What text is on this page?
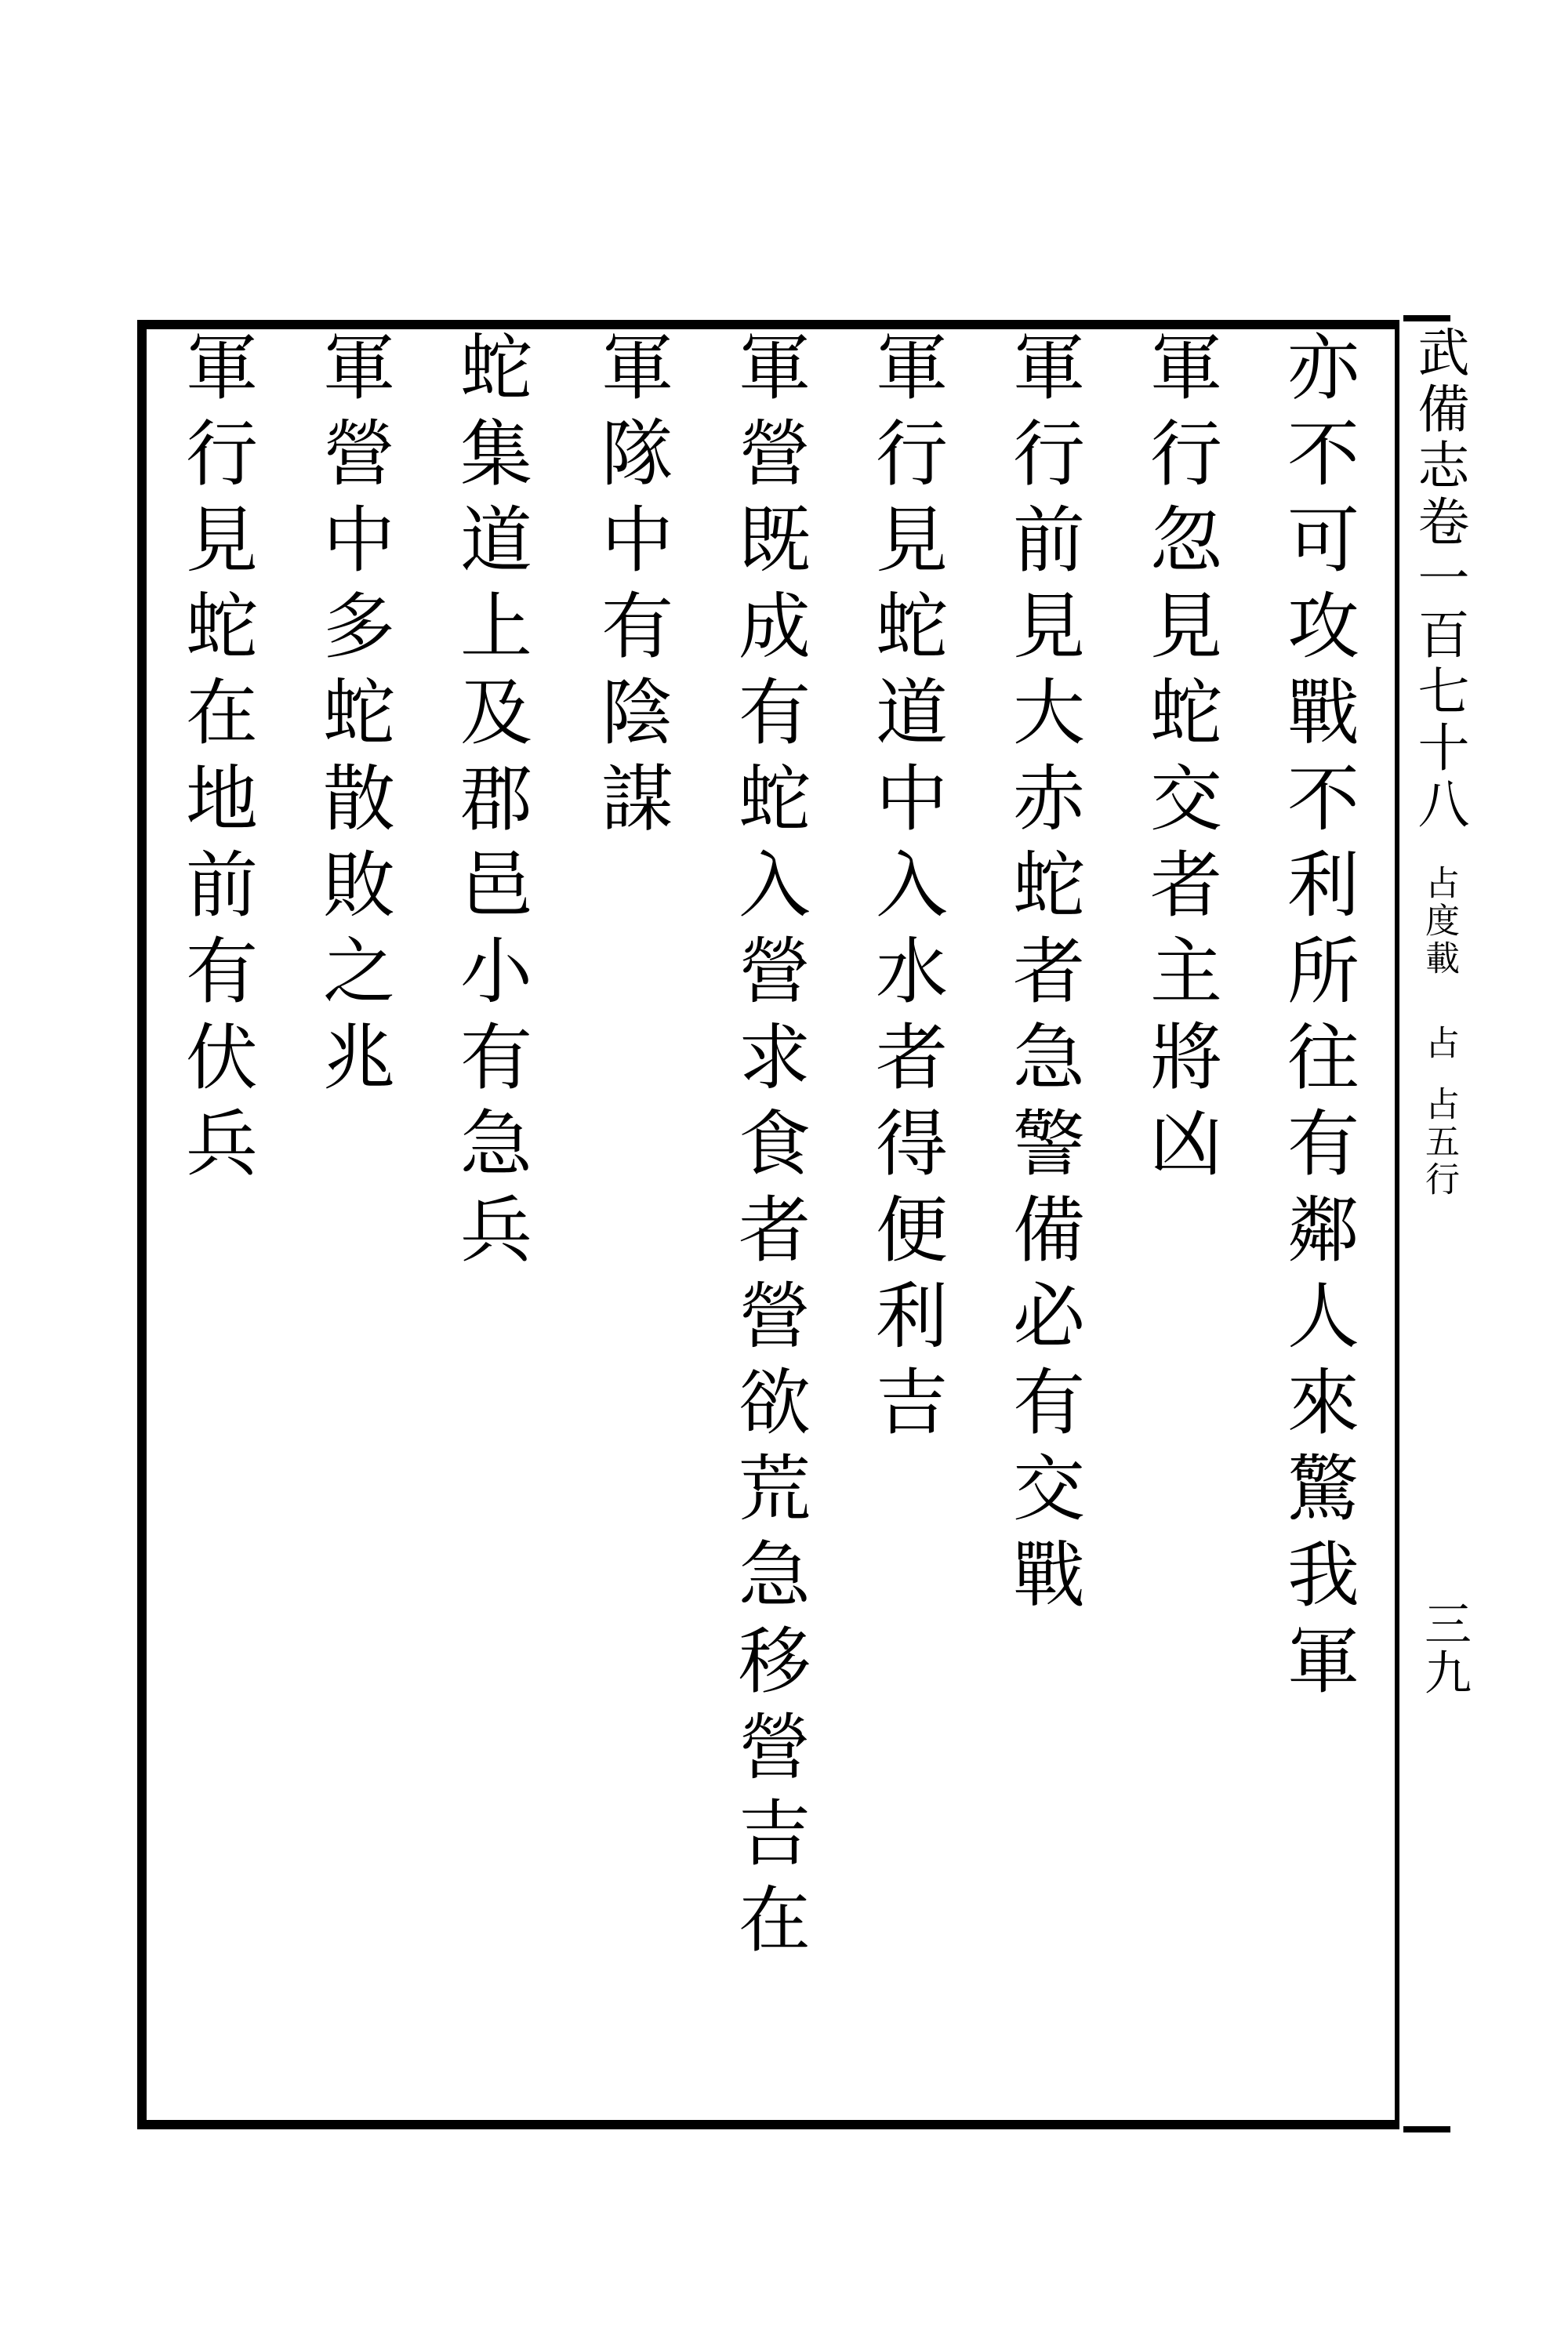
武備志卷一百七十八占度載占占五行
三九
亦不可攻戰不利所往有鄰人來驚我軍
軍行忽見蛇交者主將凶
軍行前見大赤蛇者急警備必有交戰
軍行見蛇道中入水者得便利吉
軍營既成有蛇入營求食者營欲荒急移營吉在
軍隊中有陰謀
蛇集道上及郡邑小有急兵
軍營中多蛇散敗之兆
軍行見蛇在地前有伏兵
